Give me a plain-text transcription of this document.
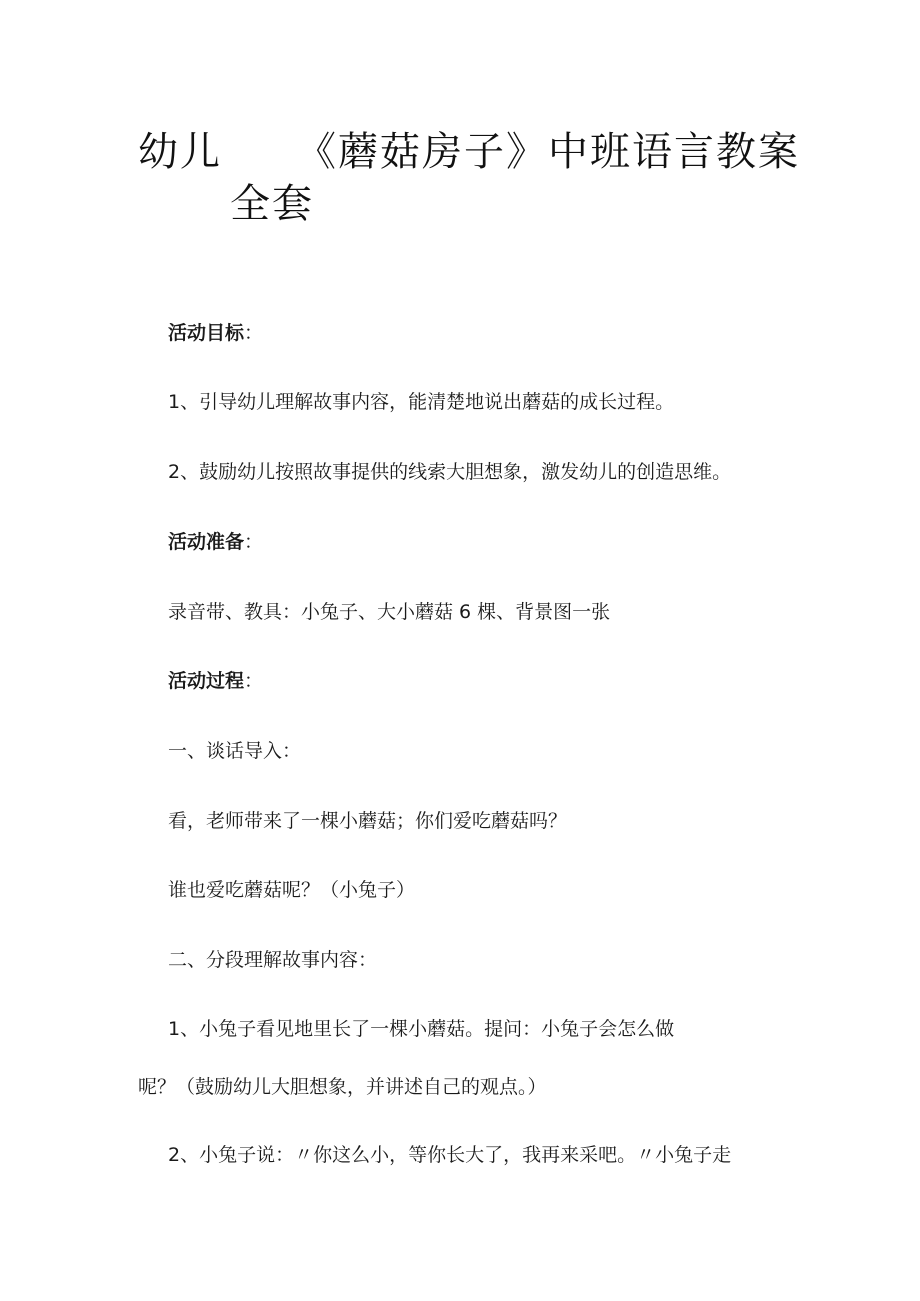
幼儿 《蘑菇房子》中班语言教案
全套
活动目标：
1、引导幼儿理解故事内容，能清楚地说出蘑菇的成长过程。
2、鼓励幼儿按照故事提供的线索大胆想象，激发幼儿的创造思维。
活动准备：
录音带、教具：小兔子、大小蘑菇 6 棵、背景图一张
活动过程：
一、谈话导入：
看，老师带来了一棵小蘑菇；你们爱吃蘑菇吗？
谁也爱吃蘑菇呢？（小兔子）
二、分段理解故事内容：
1、小兔子看见地里长了一棵小蘑菇。提问：小兔子会怎么做
呢？（鼓励幼儿大胆想象，并讲述自己的观点。）
2、小兔子说：〃你这么小，等你长大了，我再来采吧。〃小兔子走
